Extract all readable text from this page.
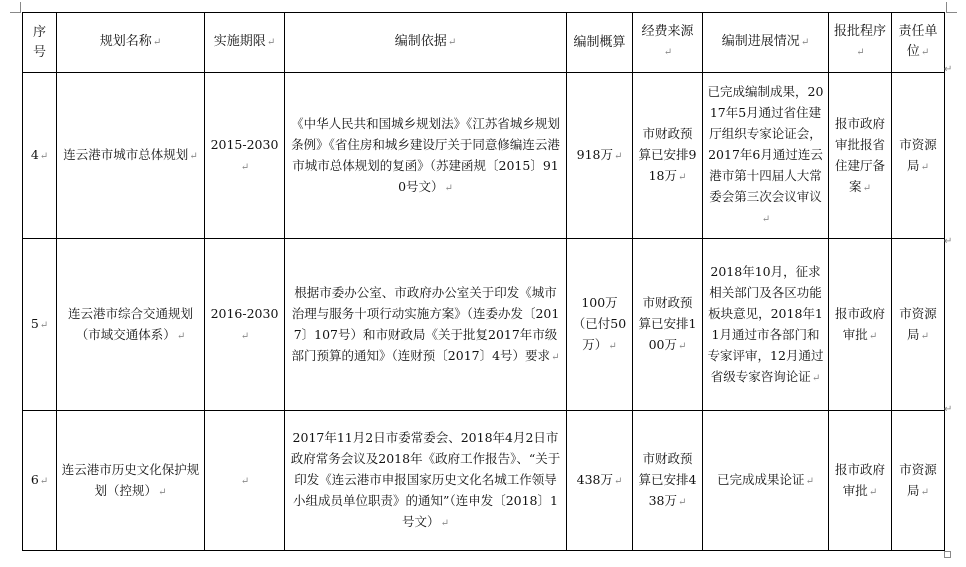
序号	规划名称↵	实施期限↵	编制依据↵	编制概算	经费来源↵	编制进展情况↵	报批程序↵	责任单位↵
4↵	连云港市城市总体规划↵	2015-2030↵	《中华人民共和国城乡规划法》《江苏省城乡规划条例》《省住房和城乡建设厅关于同意修编连云港市城市总体规划的复函》（苏建函规〔2015〕910号文）↵	918万↵	市财政预算已安排918万↵	已完成编制成果，2017年5月通过省住建厅组织专家论证会，2017年6月通过连云港市第十四届人大常委会第三次会议审议↵	报市政府审批报省住建厅备案↵	市资源局↵
5↵	连云港市综合交通规划（市域交通体系）↵	2016-2030↵	根据市委办公室、市政府办公室关于印发《城市治理与服务十项行动实施方案》（连委办发〔2017〕107号）和市财政局《关于批复2017年市级部门预算的通知》（连财预〔2017〕4号）要求↵	100万（已付50万）↵	市财政预算已安排100万↵	2018年10月，征求相关部门及各区功能板块意见，2018年11月通过市各部门和专家评审，12月通过省级专家咨询论证↵	报市政府审批↵	市资源局↵
6↵	连云港市历史文化保护规划（控规）↵	↵	2017年11月2日市委常委会、2018年4月2日市政府常务会议及2018年《政府工作报告》、“关于印发《连云港市申报国家历史文化名城工作领导小组成员单位职责》的通知”（连申发〔2018〕1号文）↵	438万↵	市财政预算已安排438万↵	已完成成果论证↵	报市政府审批↵	市资源局↵
↵
↵
↵
